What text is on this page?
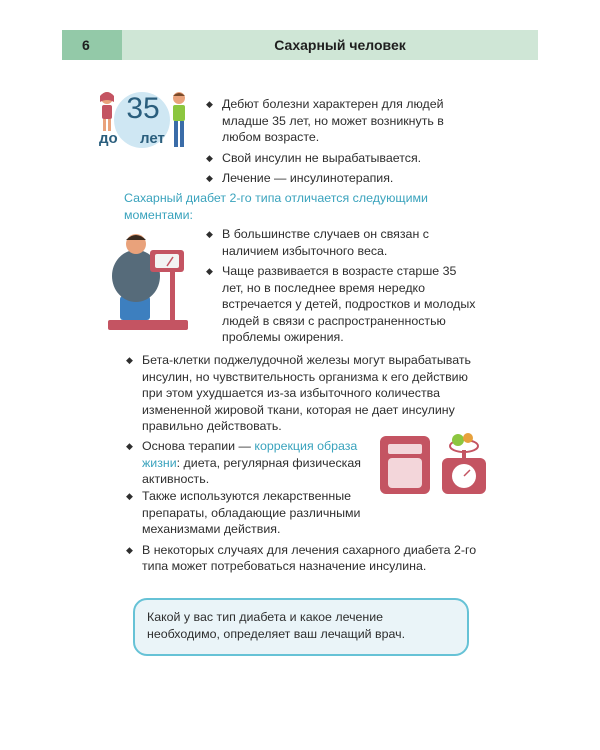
6	Сахарный человек
35
до лет
◆ Дебют болезни характерен для людей младше 35 лет, но может возникнуть в любом возрасте.
◆ Свой инсулин не вырабатывается.
◆ Лечение — инсулинотерапия.
Сахарный диабет 2-го типа отличается следующими моментами:
◆ В большинстве случаев он связан с наличием избыточного веса.
◆ Чаще развивается в возрасте старше 35 лет, но в последнее время нередко встречается у детей, подростков и молодых людей в связи с распространенностью проблемы ожирения.
◆ Бета-клетки поджелудочной железы могут вырабатывать инсулин, но чувствительность организма к его действию при этом ухудшается из-за избыточного количества измененной жировой ткани, которая не дает инсулину правильно действовать.
◆ Основа терапии — коррекция образа жизни: диета, регулярная физическая активность.
◆ Также используются лекарственные препараты, обладающие различными механизмами действия.
◆ В некоторых случаях для лечения сахарного диабета 2-го типа может потребоваться назначение инсулина.
Какой у вас тип диабета и какое лечение необходимо, определяет ваш лечащий врач.
